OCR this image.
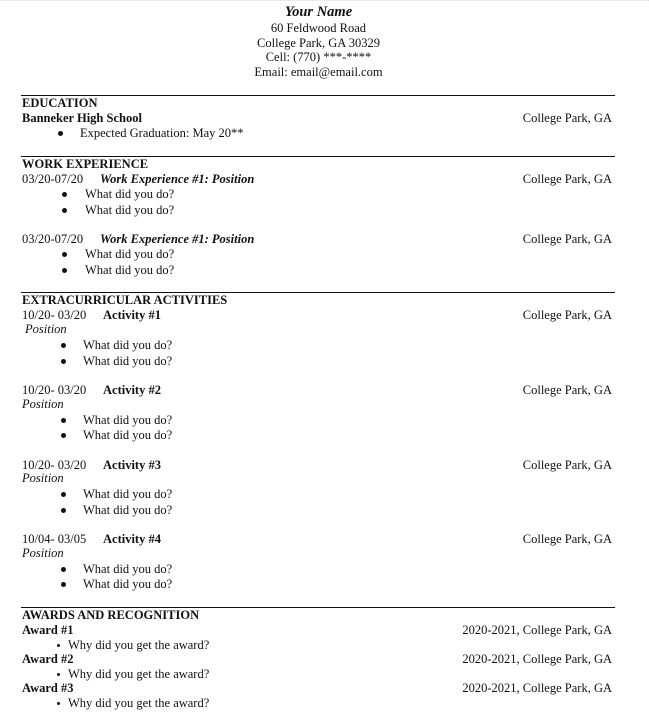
Your Name
60 Feldwood Road
College Park, GA 30329
Cell: (770) ***-****
Email: email@email.com
EDUCATION
Banneker High School	College Park, GA
Expected Graduation: May 20**
WORK EXPERIENCE
03/20-07/20 Work Experience #1: Position	College Park, GA
What did you do?
What did you do?
03/20-07/20 Work Experience #1: Position	College Park, GA
What did you do?
What did you do?
EXTRACURRICULAR ACTIVITIES
10/20- 03/20 Activity #1	College Park, GA
Position
What did you do?
What did you do?
10/20- 03/20 Activity #2	College Park, GA
Position
What did you do?
What did you do?
10/20- 03/20 Activity #3	College Park, GA
Position
What did you do?
What did you do?
10/04- 03/05 Activity #4	College Park, GA
Position
What did you do?
What did you do?
AWARDS AND RECOGNITION
Award #1	2020-2021, College Park, GA
Why did you get the award?
Award #2	2020-2021, College Park, GA
Why did you get the award?
Award #3	2020-2021, College Park, GA
Why did you get the award?
